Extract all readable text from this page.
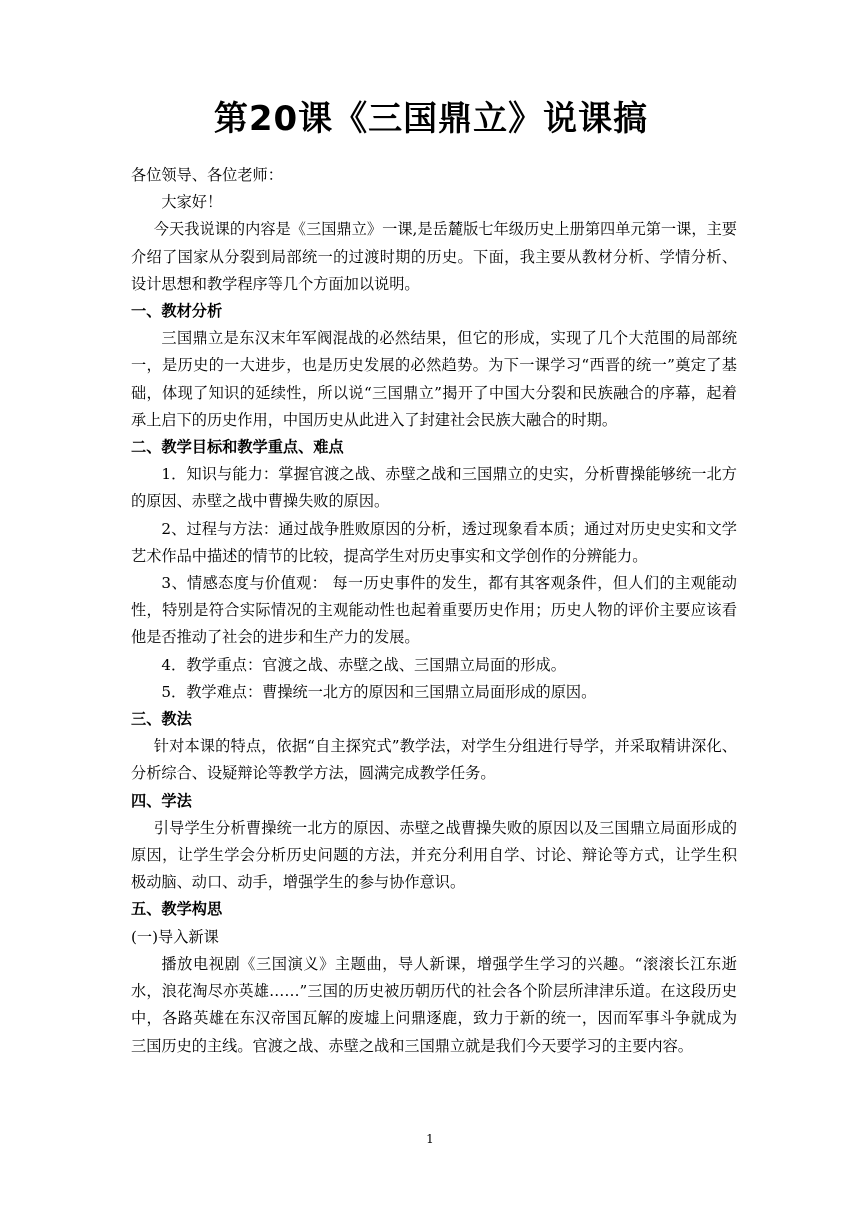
第20课《三国鼎立》说课搞

各位领导、各位老师：

大家好！

今天我说课的内容是《三国鼎立》一课,是岳麓版七年级历史上册第四单元第一课，主要介绍了国家从分裂到局部统一的过渡时期的历史。下面，我主要从教材分析、学情分析、设计思想和教学程序等几个方面加以说明。

一、教材分析

三国鼎立是东汉末年军阀混战的必然结果，但它的形成，实现了几个大范围的局部统一，是历史的一大进步，也是历史发展的必然趋势。为下一课学习“西晋的统一”奠定了基础，体现了知识的延续性，所以说“三国鼎立”揭开了中国大分裂和民族融合的序幕，起着承上启下的历史作用，中国历史从此进入了封建社会民族大融合的时期。

二、教学目标和教学重点、难点

1．知识与能力：掌握官渡之战、赤壁之战和三国鼎立的史实，分析曹操能够统一北方的原因、赤壁之战中曹操失败的原因。

2、过程与方法：通过战争胜败原因的分析，透过现象看本质；通过对历史史实和文学艺术作品中描述的情节的比较，提高学生对历史事实和文学创作的分辨能力。

3、情感态度与价值观： 每一历史事件的发生，都有其客观条件，但人们的主观能动性，特别是符合实际情况的主观能动性也起着重要历史作用；历史人物的评价主要应该看他是否推动了社会的进步和生产力的发展。

4．教学重点：官渡之战、赤壁之战、三国鼎立局面的形成。

5．教学难点：曹操统一北方的原因和三国鼎立局面形成的原因。

三、教法

针对本课的特点，依据“自主探究式”教学法，对学生分组进行导学，并采取精讲深化、分析综合、设疑辩论等教学方法，圆满完成教学任务。

四、学法

引导学生分析曹操统一北方的原因、赤壁之战曹操失败的原因以及三国鼎立局面形成的原因，让学生学会分析历史问题的方法，并充分利用自学、讨论、辩论等方式，让学生积极动脑、动口、动手，增强学生的参与协作意识。

五、教学构思

(一)导入新课

播放电视剧《三国演义》主题曲，导人新课，增强学生学习的兴趣。“滚滚长江东逝水，浪花淘尽亦英雄……”三国的历史被历朝历代的社会各个阶层所津津乐道。在这段历史中，各路英雄在东汉帝国瓦解的废墟上问鼎逐鹿，致力于新的统一，因而军事斗争就成为三国历史的主线。官渡之战、赤壁之战和三国鼎立就是我们今天要学习的主要内容。

1
